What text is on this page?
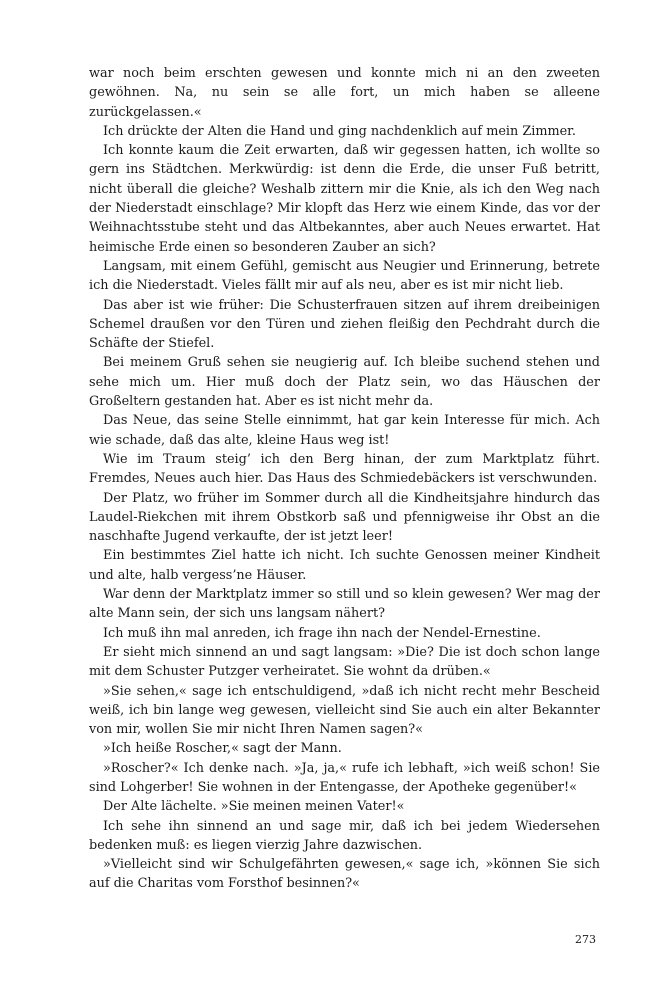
war noch beim erschten gewesen und konnte mich ni an den zweeten gewöhnen. Na, nu sein se alle fort, un mich haben se alleene zurückgelassen.«

Ich drückte der Alten die Hand und ging nachdenklich auf mein Zimmer.

Ich konnte kaum die Zeit erwarten, daß wir gegessen hatten, ich wollte so gern ins Städtchen. Merkwürdig: ist denn die Erde, die unser Fuß betritt, nicht überall die gleiche? Weshalb zittern mir die Knie, als ich den Weg nach der Niederstadt einschlage? Mir klopft das Herz wie einem Kinde, das vor der Weihnachtsstube steht und das Altbekanntes, aber auch Neues erwartet. Hat heimische Erde einen so besonderen Zauber an sich?

Langsam, mit einem Gefühl, gemischt aus Neugier und Erinnerung, betrete ich die Niederstadt. Vieles fällt mir auf als neu, aber es ist mir nicht lieb.

Das aber ist wie früher: Die Schusterfrauen sitzen auf ihrem dreibeinigen Schemel draußen vor den Türen und ziehen fleißig den Pechdraht durch die Schäfte der Stiefel.

Bei meinem Gruß sehen sie neugierig auf. Ich bleibe suchend stehen und sehe mich um. Hier muß doch der Platz sein, wo das Häuschen der Großeltern gestanden hat. Aber es ist nicht mehr da.

Das Neue, das seine Stelle einnimmt, hat gar kein Interesse für mich. Ach wie schade, daß das alte, kleine Haus weg ist!

Wie im Traum steig’ ich den Berg hinan, der zum Marktplatz führt. Fremdes, Neues auch hier. Das Haus des Schmiedebäckers ist verschwunden.

Der Platz, wo früher im Sommer durch all die Kindheitsjahre hindurch das Laudel-Riekchen mit ihrem Obstkorb saß und pfennigweise ihr Obst an die naschhafte Jugend verkaufte, der ist jetzt leer!

Ein bestimmtes Ziel hatte ich nicht. Ich suchte Genossen meiner Kindheit und alte, halb vergess’ne Häuser.

War denn der Marktplatz immer so still und so klein gewesen? Wer mag der alte Mann sein, der sich uns langsam nähert?

Ich muß ihn mal anreden, ich frage ihn nach der Nendel-Ernestine.

Er sieht mich sinnend an und sagt langsam: »Die? Die ist doch schon lange mit dem Schuster Putzger verheiratet. Sie wohnt da drüben.«

»Sie sehen,« sage ich entschuldigend, »daß ich nicht recht mehr Bescheid weiß, ich bin lange weg gewesen, vielleicht sind Sie auch ein alter Bekannter von mir, wollen Sie mir nicht Ihren Namen sagen?«

»Ich heiße Roscher,« sagt der Mann.

»Roscher?« Ich denke nach. »Ja, ja,« rufe ich lebhaft, »ich weiß schon! Sie sind Lohgerber! Sie wohnen in der Entengasse, der Apotheke gegenüber!«

Der Alte lächelte. »Sie meinen meinen Vater!«

Ich sehe ihn sinnend an und sage mir, daß ich bei jedem Wiedersehen bedenken muß: es liegen vierzig Jahre dazwischen.

»Vielleicht sind wir Schulgefährten gewesen,« sage ich, »können Sie sich auf die Charitas vom Forsthof besinnen?«

273
